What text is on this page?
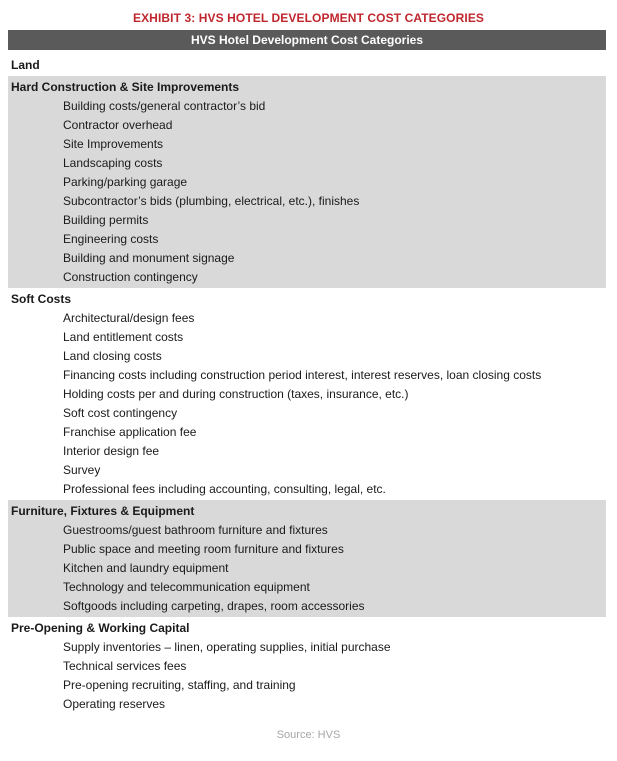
EXHIBIT 3: HVS HOTEL DEVELOPMENT COST CATEGORIES
HVS Hotel Development Cost Categories
Land
Hard Construction & Site Improvements
Building costs/general contractor’s bid
Contractor overhead
Site Improvements
Landscaping costs
Parking/parking garage
Subcontractor’s bids (plumbing, electrical, etc.), finishes
Building permits
Engineering costs
Building and monument signage
Construction contingency
Soft Costs
Architectural/design fees
Land entitlement costs
Land closing costs
Financing costs including construction period interest, interest reserves, loan closing costs
Holding costs per and during construction (taxes, insurance, etc.)
Soft cost contingency
Franchise application fee
Interior design fee
Survey
Professional fees including accounting, consulting, legal, etc.
Furniture, Fixtures & Equipment
Guestrooms/guest bathroom furniture and fixtures
Public space and meeting room furniture and fixtures
Kitchen and laundry equipment
Technology and telecommunication equipment
Softgoods including carpeting, drapes, room accessories
Pre-Opening & Working Capital
Supply inventories – linen, operating supplies, initial purchase
Technical services fees
Pre-opening recruiting, staffing, and training
Operating reserves
Source: HVS
